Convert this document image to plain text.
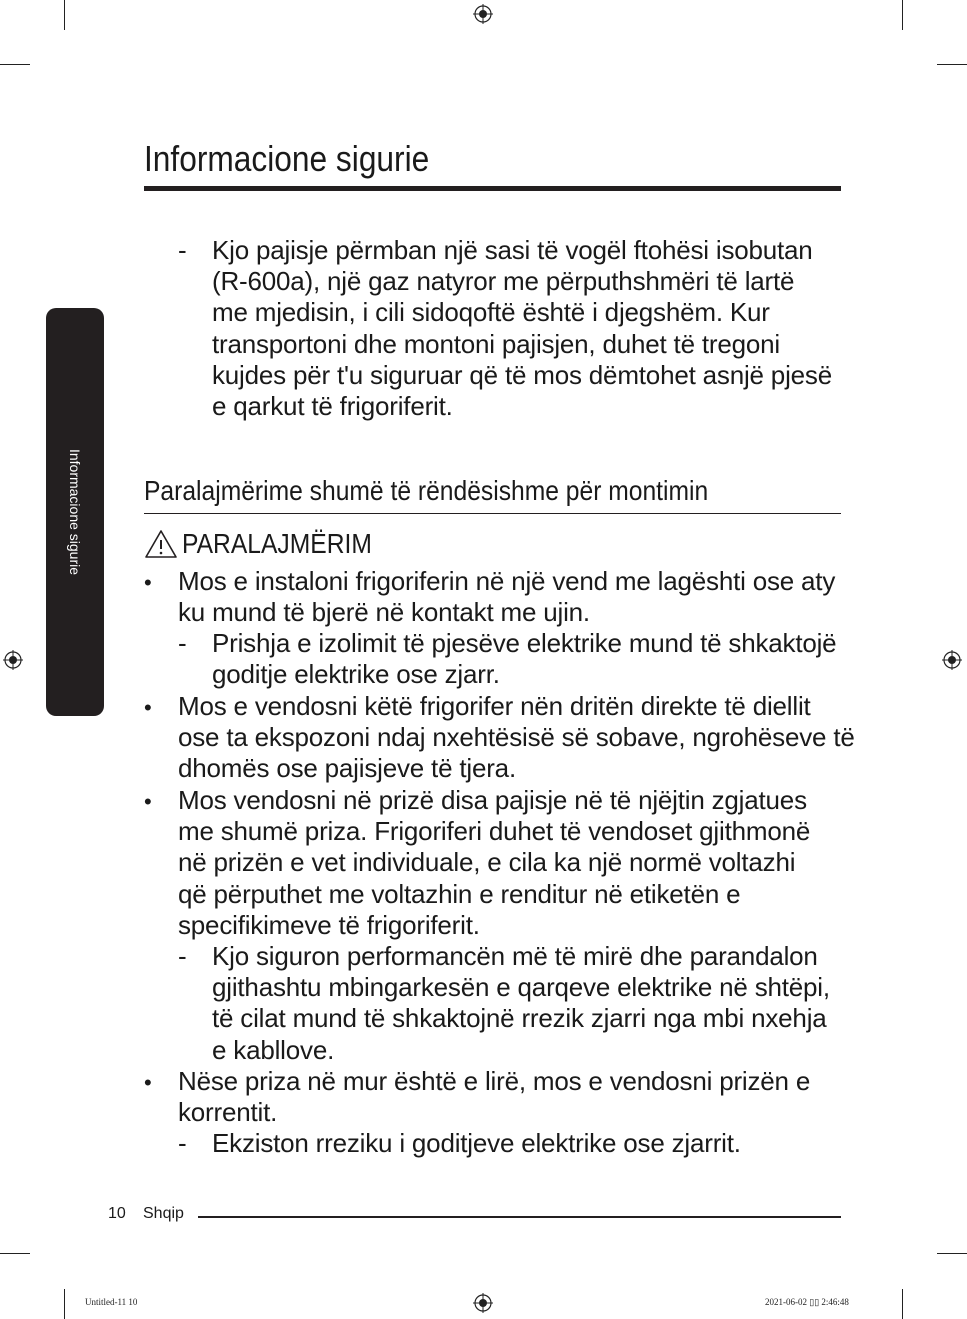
Informacione sigurie
Informacione sigurie
- Kjo pajisje përmban një sasi të vogël ftohësi isobutan
(R-600a), një gaz natyror me përputhshmëri të lartë
me mjedisin, i cili sidoqoftë është i djegshëm. Kur
transportoni dhe montoni pajisjen, duhet të tregoni
kujdes për t'u siguruar që të mos dëmtohet asnjë pjesë
e qarkut të frigoriferit.
Paralajmërime shumë të rëndësishme për montimin
PARALAJMËRIM
• Mos e instaloni frigoriferin në një vend me lagështi ose aty
ku mund të bjerë në kontakt me ujin.
- Prishja e izolimit të pjesëve elektrike mund të shkaktojë
goditje elektrike ose zjarr.
• Mos e vendosni këtë frigorifer nën dritën direkte të diellit
ose ta ekspozoni ndaj nxehtësisë së sobave, ngrohëseve të
dhomës ose pajisjeve të tjera.
• Mos vendosni në prizë disa pajisje në të njëjtin zgjatues
me shumë priza. Frigoriferi duhet të vendoset gjithmonë
në prizën e vet individuale, e cila ka një normë voltazhi
që përputhet me voltazhin e renditur në etiketën e
specifikimeve të frigoriferit.
- Kjo siguron performancën më të mirë dhe parandalon
gjithashtu mbingarkesën e qarqeve elektrike në shtëpi,
të cilat mund të shkaktojnë rrezik zjarri nga mbi nxehja
e kabllove.
• Nëse priza në mur është e lirë, mos e vendosni prizën e
korrentit.
- Ekziston rreziku i goditjeve elektrike ose zjarrit.
10 Shqip
Untitled-11 10	2021-06-02 ▯▯ 2:46:48
